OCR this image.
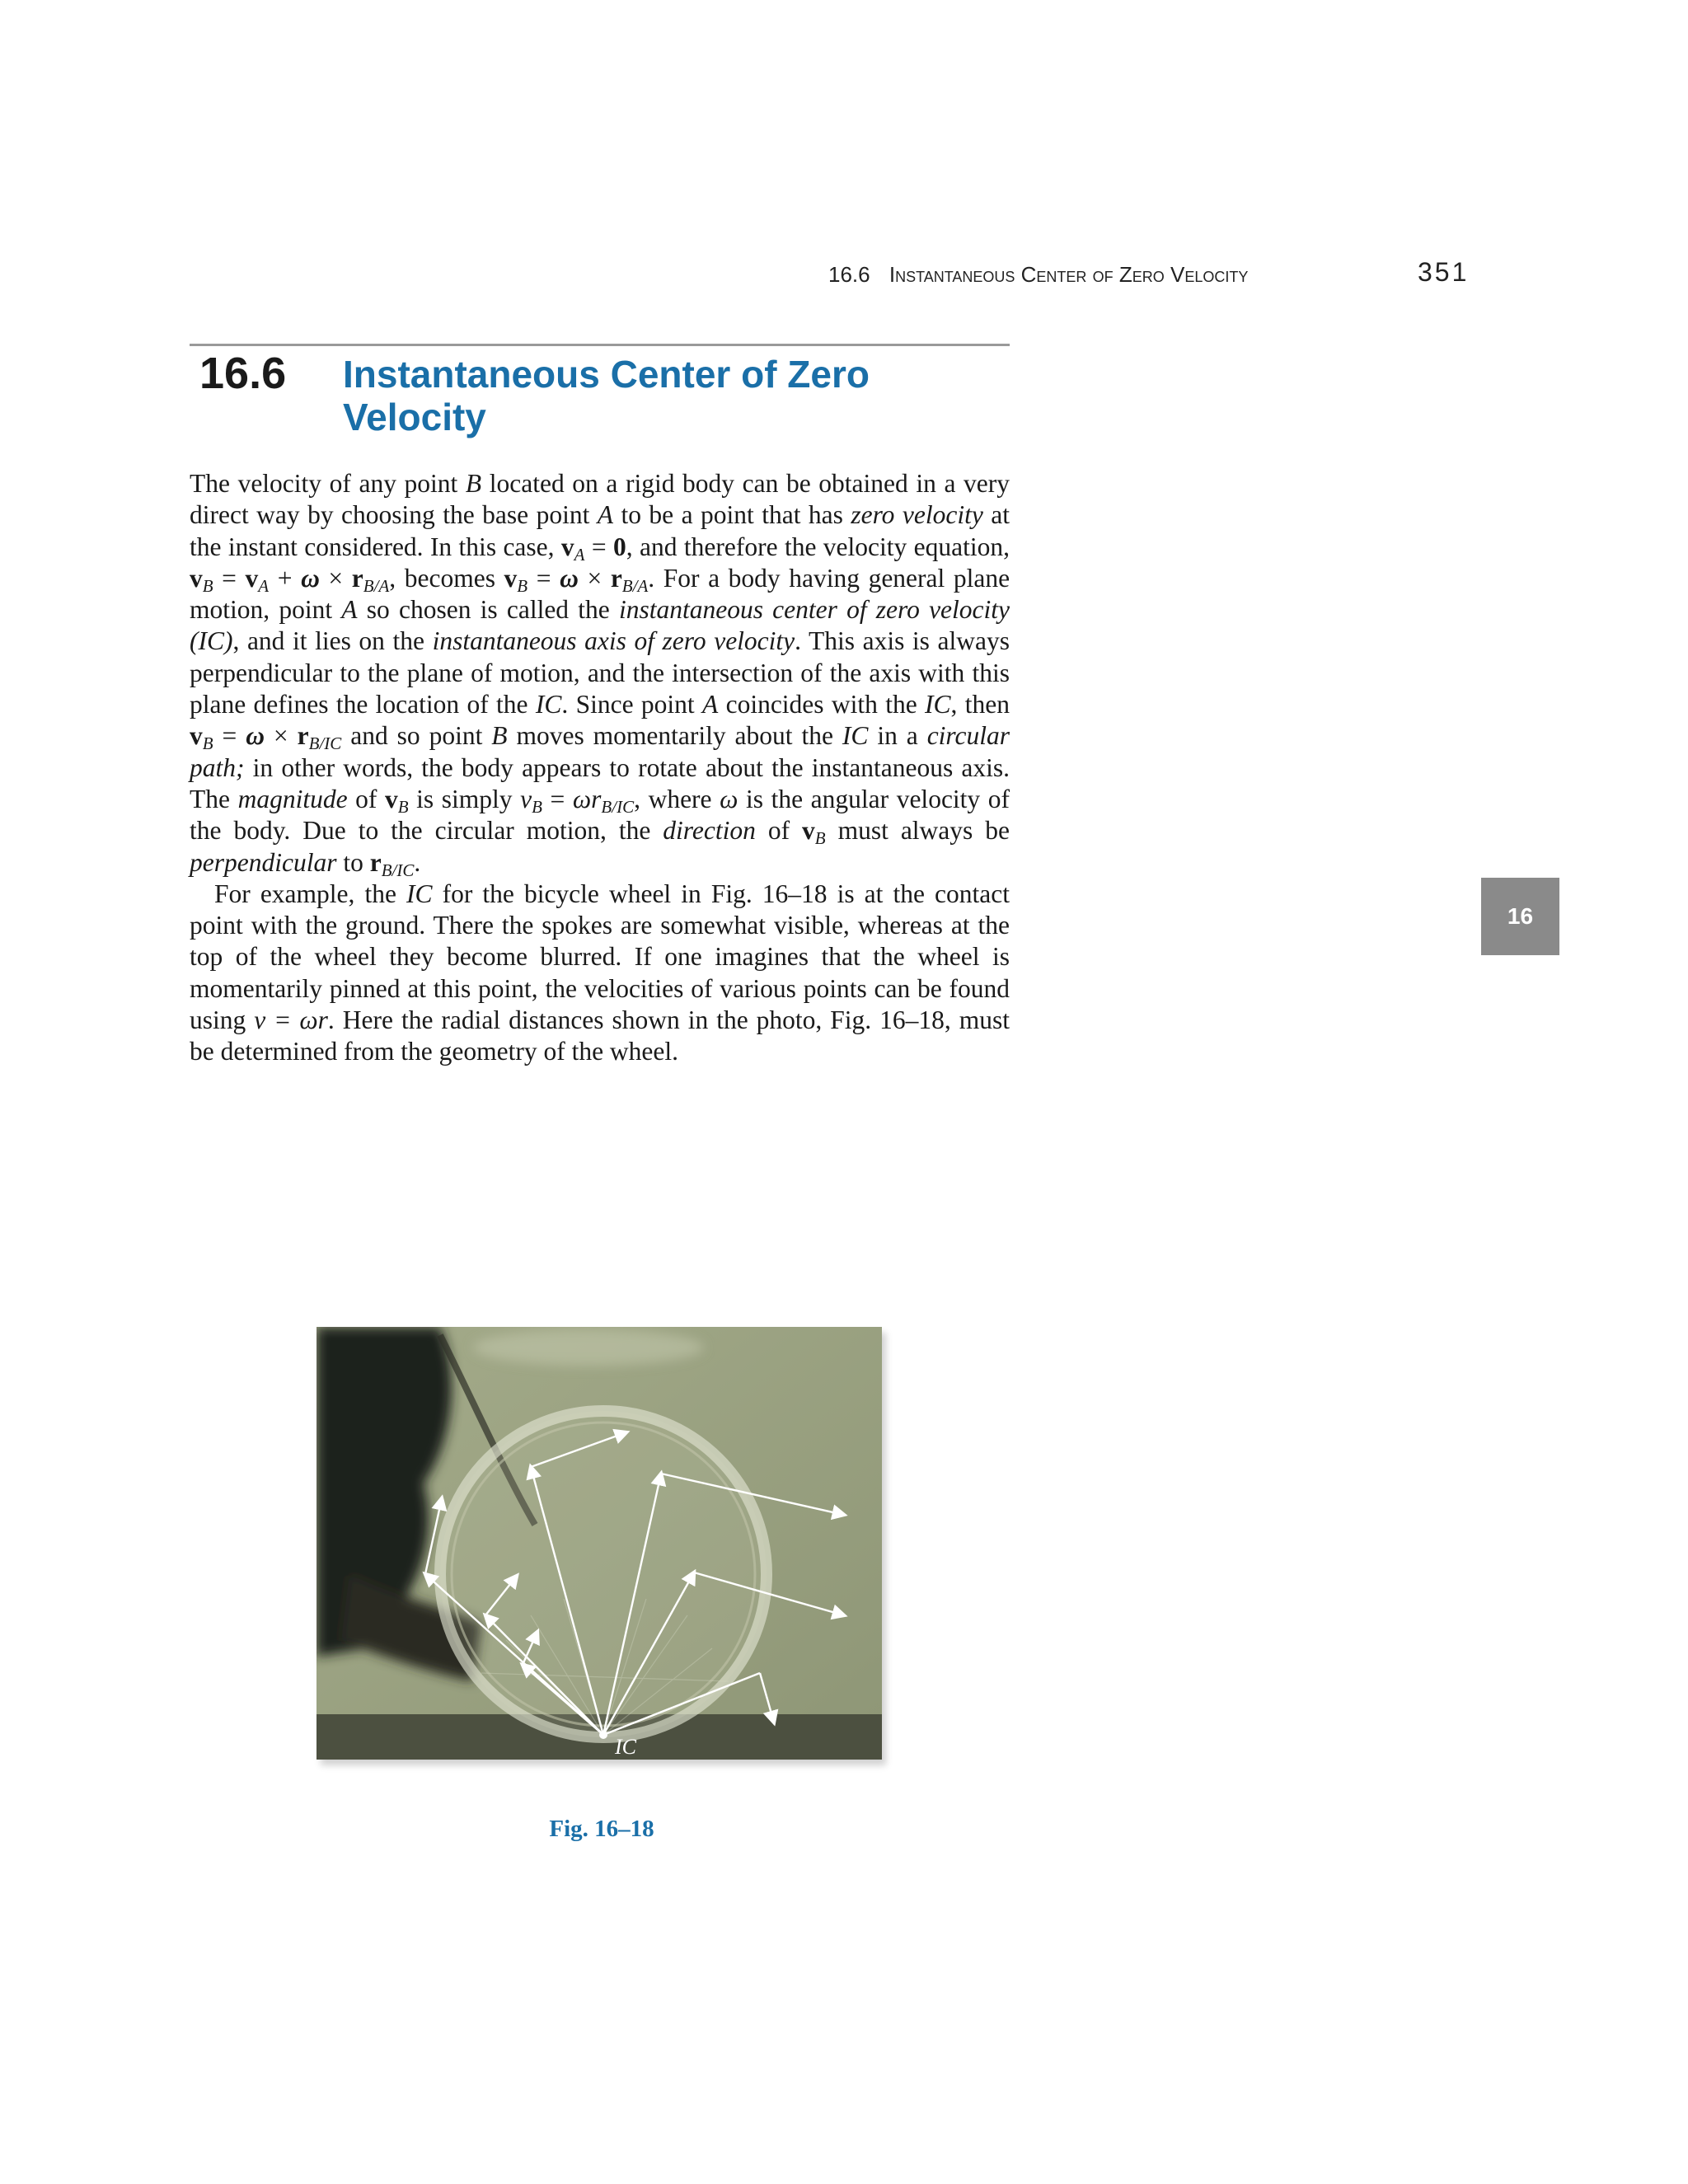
16.6 Instantaneous Center of Zero Velocity	351
16.6 Instantaneous Center of Zero Velocity

The velocity of any point B located on a rigid body can be obtained in a very direct way by choosing the base point A to be a point that has zero velocity at the instant considered. In this case, $v_A = 0$, and therefore the velocity equation, $v_B = v_A + \omega \times r_{B/A}$, becomes $v_B = \omega \times r_{B/A}$. For a body having general plane motion, point A so chosen is called the instantaneous center of zero velocity (IC), and it lies on the instantaneous axis of zero velocity. This axis is always perpendicular to the plane of motion, and the intersection of the axis with this plane defines the location of the IC. Since point A coincides with the IC, then $v_B = \omega \times r_{B/IC}$ and so point B moves momentarily about the IC in a circular path; in other words, the body appears to rotate about the instantaneous axis. The magnitude of $v_B$ is simply $v_B = \omega r_{B/IC}$, where ω is the angular velocity of the body. Due to the circular motion, the direction of $v_B$ must always be perpendicular to $r_{B/IC}$.

For example, the IC for the bicycle wheel in Fig. 16–18 is at the contact point with the ground. There the spokes are somewhat visible, whereas at the top of the wheel they become blurred. If one imagines that the wheel is momentarily pinned at this point, the velocities of various points can be found using v = ωr. Here the radial distances shown in the photo, Fig. 16–18, must be determined from the geometry of the wheel.

16
IC
Fig. 16–18
